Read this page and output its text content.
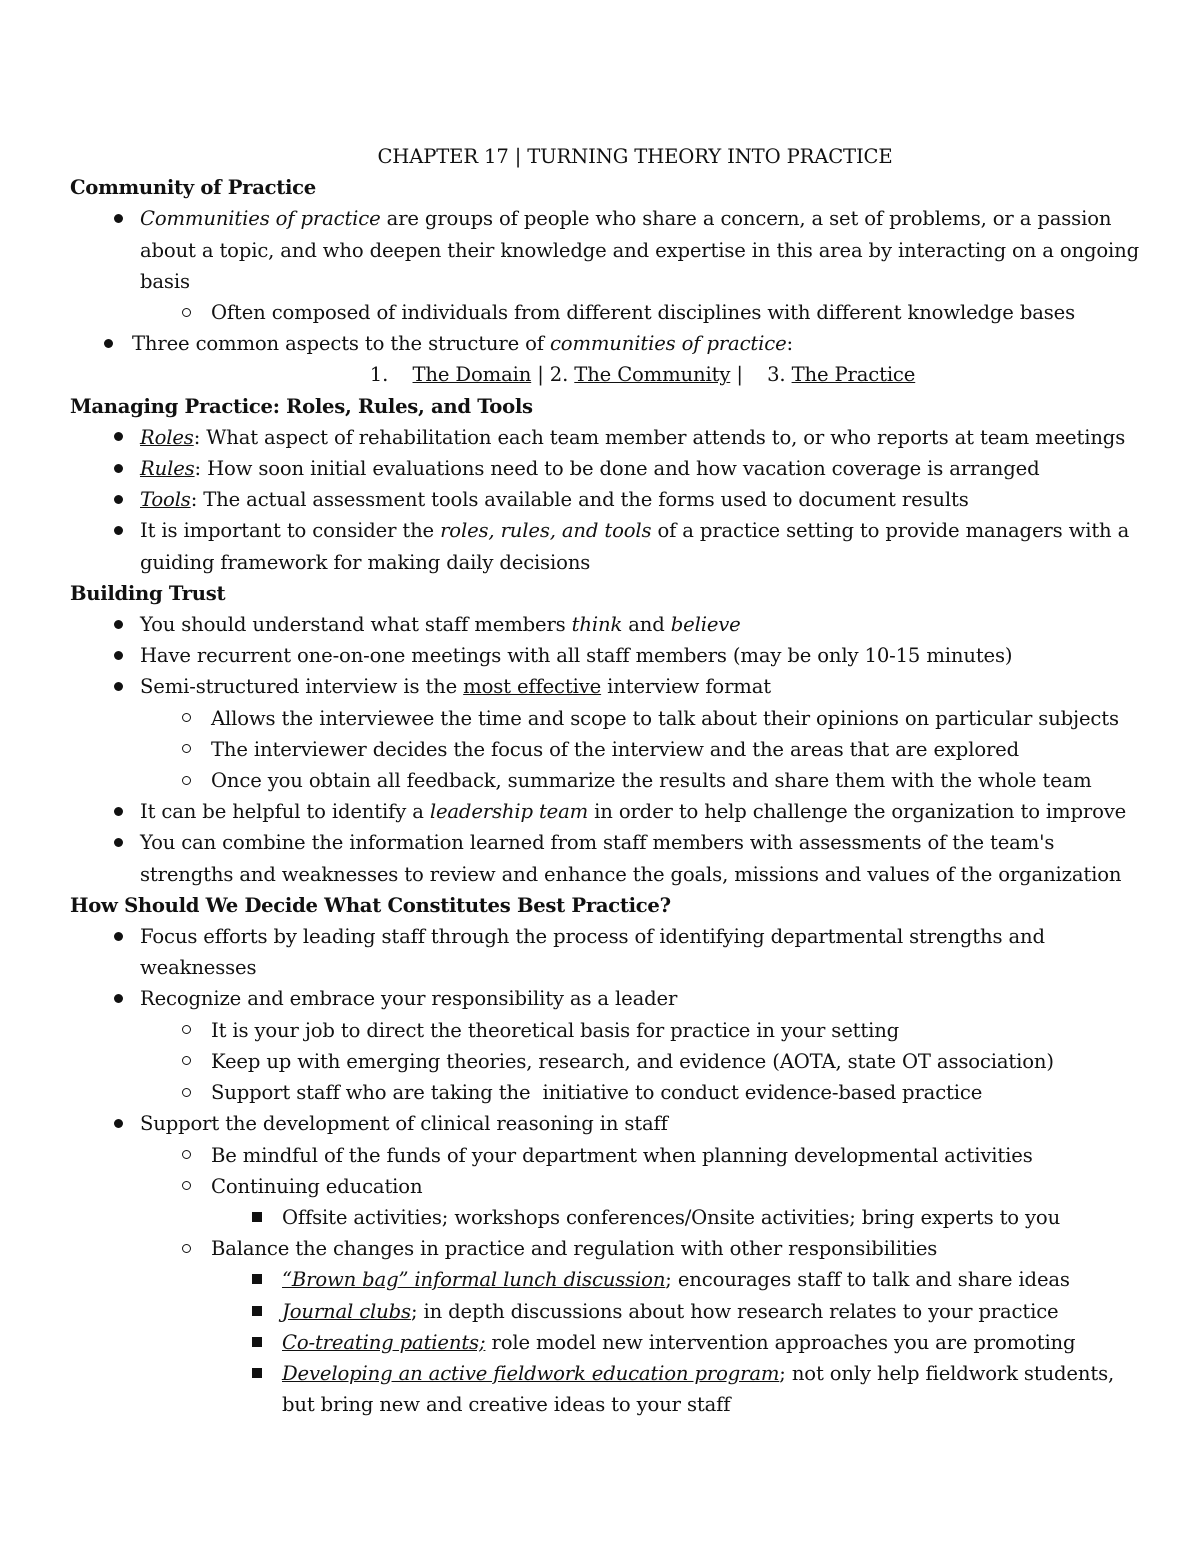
CHAPTER 17 | TURNING THEORY INTO PRACTICE

Community of Practice

Communities of practice are groups of people who share a concern, a set of problems, or a passion about a topic, and who deepen their knowledge and expertise in this area by interacting on a ongoing basis
Often composed of individuals from different disciplines with different knowledge bases
Three common aspects to the structure of communities of practice:

1. The Domain | 2. The Community |    3. The Practice

Managing Practice: Roles, Rules, and Tools

Roles: What aspect of rehabilitation each team member attends to, or who reports at team meetings
Rules: How soon initial evaluations need to be done and how vacation coverage is arranged
Tools: The actual assessment tools available and the forms used to document results
It is important to consider the roles, rules, and tools of a practice setting to provide managers with a guiding framework for making daily decisions

Building Trust

You should understand what staff members think and believe
Have recurrent one-on-one meetings with all staff members (may be only 10-15 minutes)
Semi-structured interview is the most effective interview format
Allows the interviewee the time and scope to talk about their opinions on particular subjects
The interviewer decides the focus of the interview and the areas that are explored
Once you obtain all feedback, summarize the results and share them with the whole team
It can be helpful to identify a leadership team in order to help challenge the organization to improve
You can combine the information learned from staff members with assessments of the team's strengths and weaknesses to review and enhance the goals, missions and values of the organization

How Should We Decide What Constitutes Best Practice?

Focus efforts by leading staff through the process of identifying departmental strengths and weaknesses
Recognize and embrace your responsibility as a leader
It is your job to direct the theoretical basis for practice in your setting
Keep up with emerging theories, research, and evidence (AOTA, state OT association)
Support staff who are taking the  initiative to conduct evidence-based practice
Support the development of clinical reasoning in staff
Be mindful of the funds of your department when planning developmental activities
Continuing education
Offsite activities; workshops conferences/Onsite activities; bring experts to you
Balance the changes in practice and regulation with other responsibilities
“Brown bag” informal lunch discussion; encourages staff to talk and share ideas
Journal clubs; in depth discussions about how research relates to your practice
Co-treating patients; role model new intervention approaches you are promoting
Developing an active fieldwork education program; not only help fieldwork students, but bring new and creative ideas to your staff
